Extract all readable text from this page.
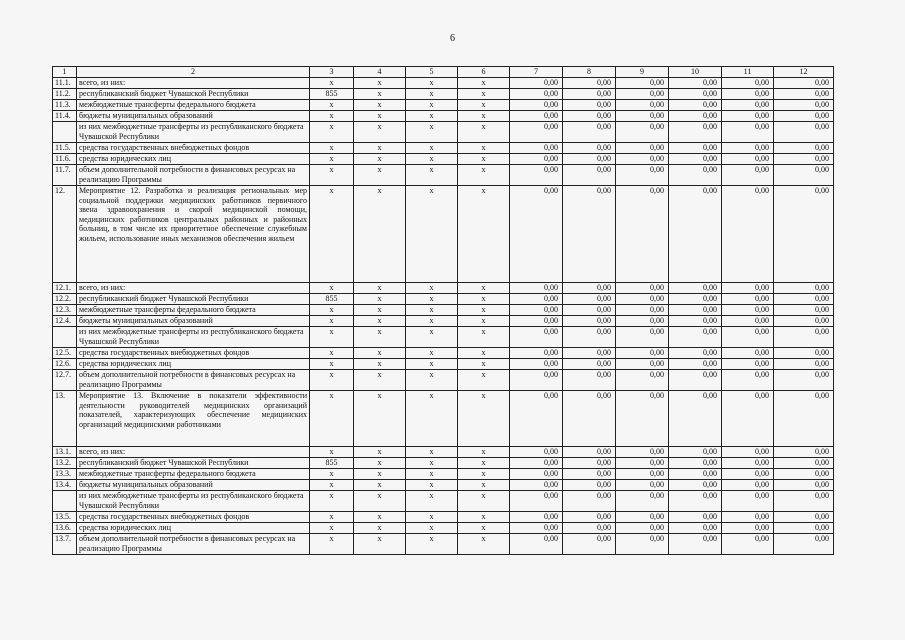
6
1	2	3	4	5	6	7	8	9	10	11	12
11.1.	всего, из них:	x	x	x	x	0,00	0,00	0,00	0,00	0,00	0,00
11.2.	республиканский бюджет Чувашской Республики	855	x	x	x	0,00	0,00	0,00	0,00	0,00	0,00
11.3.	межбюджетные трансферты федерального бюджета	x	x	x	x	0,00	0,00	0,00	0,00	0,00	0,00
11.4.	бюджеты муниципальных образований	x	x	x	x	0,00	0,00	0,00	0,00	0,00	0,00
	из них межбюджетные трансферты из республиканского бюджета Чувашской Республики	x	x	x	x	0,00	0,00	0,00	0,00	0,00	0,00
11.5.	средства государственных внебюджетных фондов	x	x	x	x	0,00	0,00	0,00	0,00	0,00	0,00
11.6.	средства юридических лиц	x	x	x	x	0,00	0,00	0,00	0,00	0,00	0,00
11.7.	объем дополнительной потребности в финансовых ресурсах на реализацию Программы	x	x	x	x	0,00	0,00	0,00	0,00	0,00	0,00
12.	Мероприятие 12. Разработка и реализация региональных мер социальной поддержки медицинских работников первичного звена здравоохранения и скорой медицинской помощи, медицинских работников центральных районных и районных больниц, в том числе их приоритетное обеспечение служебным жильем, использование иных механизмов обеспечения жильем	x	x	x	x	0,00	0,00	0,00	0,00	0,00	0,00
12.1.	всего, из них:	x	x	x	x	0,00	0,00	0,00	0,00	0,00	0,00
12.2.	республиканский бюджет Чувашской Республики	855	x	x	x	0,00	0,00	0,00	0,00	0,00	0,00
12.3.	межбюджетные трансферты федерального бюджета	x	x	x	x	0,00	0,00	0,00	0,00	0,00	0,00
12.4.	бюджеты муниципальных образований	x	x	x	x	0,00	0,00	0,00	0,00	0,00	0,00
	из них межбюджетные трансферты из республиканского бюджета Чувашской Республики	x	x	x	x	0,00	0,00	0,00	0,00	0,00	0,00
12.5.	средства государственных внебюджетных фондов	x	x	x	x	0,00	0,00	0,00	0,00	0,00	0,00
12.6.	средства юридических лиц	x	x	x	x	0,00	0,00	0,00	0,00	0,00	0,00
12.7.	объем дополнительной потребности в финансовых ресурсах на реализацию Программы	x	x	x	x	0,00	0,00	0,00	0,00	0,00	0,00
13.	Мероприятие 13. Включение в показатели эффективности деятельности руководителей медицинских организаций показателей, характеризующих обеспечение медицинских организаций медицинскими работниками	x	x	x	x	0,00	0,00	0,00	0,00	0,00	0,00
13.1.	всего, из них:	x	x	x	x	0,00	0,00	0,00	0,00	0,00	0,00
13.2.	республиканский бюджет Чувашской Республики	855	x	x	x	0,00	0,00	0,00	0,00	0,00	0,00
13.3.	межбюджетные трансферты федерального бюджета	x	x	x	x	0,00	0,00	0,00	0,00	0,00	0,00
13.4.	бюджеты муниципальных образований	x	x	x	x	0,00	0,00	0,00	0,00	0,00	0,00
	из них межбюджетные трансферты из республиканского бюджета Чувашской Республики	x	x	x	x	0,00	0,00	0,00	0,00	0,00	0,00
13.5.	средства государственных внебюджетных фондов	x	x	x	x	0,00	0,00	0,00	0,00	0,00	0,00
13.6.	средства юридических лиц	x	x	x	x	0,00	0,00	0,00	0,00	0,00	0,00
13.7.	объем дополнительной потребности в финансовых ресурсах на реализацию Программы	x	x	x	x	0,00	0,00	0,00	0,00	0,00	0,00
